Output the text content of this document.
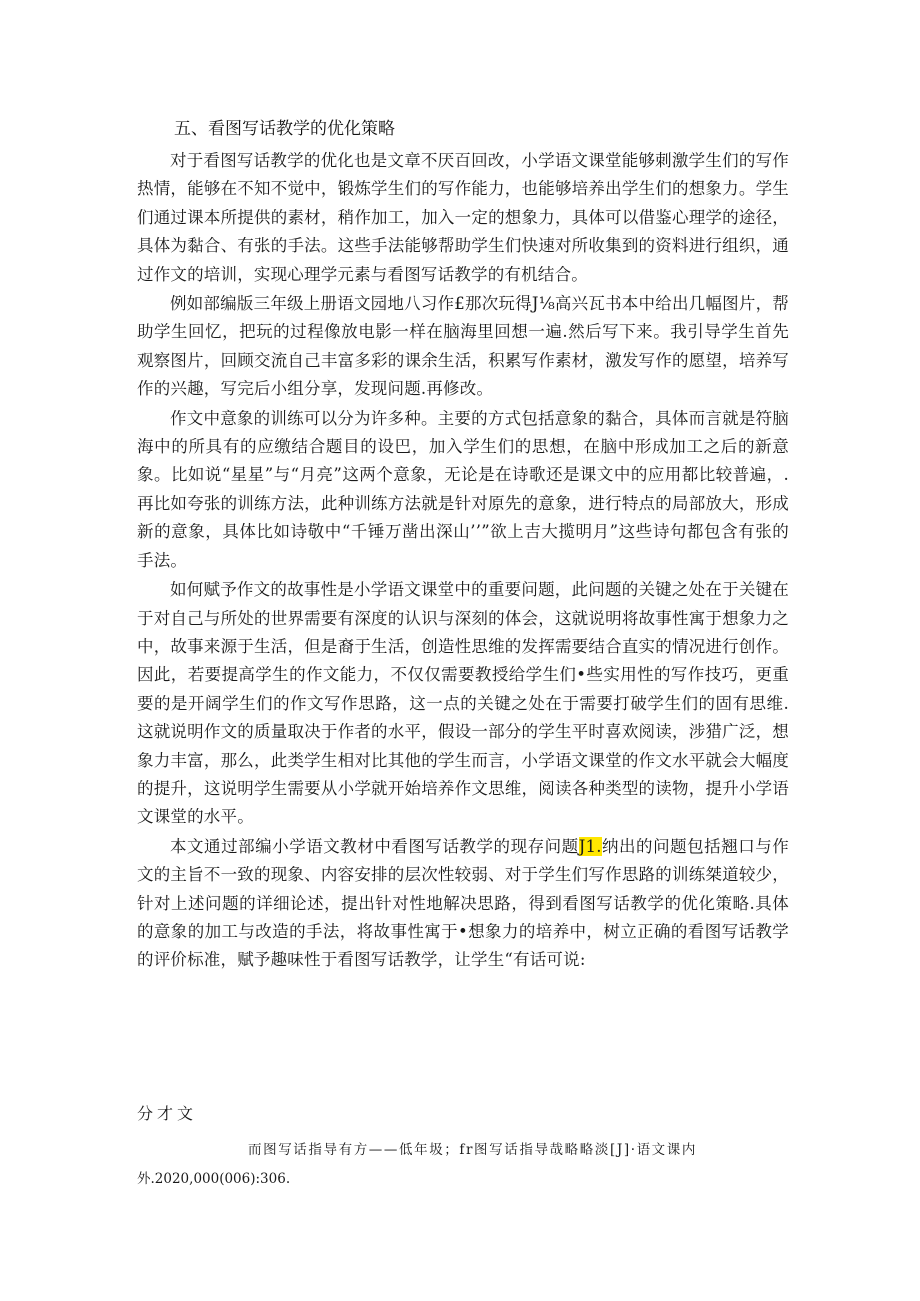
五、看图写话教学的优化策略

对于看图写话教学的优化也是文章不厌百回改，小学语文课堂能够刺激学生们的写作热情，能够在不知不觉中，锻炼学生们的写作能力，也能够培养出学生们的想象力。学生们通过课本所提供的素材，稍作加工，加入一定的想象力，具体可以借鉴心理学的途径，具体为黏合、有张的手法。这些手法能够帮助学生们快速对所收集到的资料进行组织，通过作文的培训，实现心理学元素与看图写话教学的有机结合。

例如部编版三年级上册语文园地八习作£那次玩得J⅛高兴瓦书本中给出几幅图片，帮助学生回忆，把玩的过程像放电影一样在脑海里回想一遍.然后写下来。我引导学生首先观察图片，回顾交流自己丰富多彩的课余生活，积累写作素材，激发写作的愿望，培养写作的兴趣，写完后小组分享，发现问题.再修改。

作文中意象的训练可以分为许多种。主要的方式包括意象的黏合，具体而言就是符脑海中的所具有的应缴结合题目的设巴，加入学生们的思想，在脑中形成加工之后的新意象。比如说“星星”与“月亮”这两个意象，无论是在诗歌还是课文中的应用都比较普遍，.再比如夸张的训练方法，此种训练方法就是针对原先的意象，进行特点的局部放大，形成新的意象，具体比如诗敬中“千锤万凿出深山’’”欲上吉大揽明月”这些诗句都包含有张的手法。

如何赋予作文的故事性是小学语文课堂中的重要问题，此问题的关键之处在于关键在于对自己与所处的世界需要有深度的认识与深刻的体会，这就说明将故事性寓于想象力之中，故事来源于生活，但是裔于生活，创造性思维的发挥需要结合直实的情况进行创作。因此，若要提高学生的作文能力，不仅仅需要教授给学生们•些实用性的写作技巧，更重要的是开阔学生们的作文写作思路，这一点的关键之处在于需要打破学生们的固有思维.这就说明作文的质量取决于作者的水平，假设一部分的学生平时喜欢阅读，涉猎广泛，想象力丰富，那么，此类学生相对比其他的学生而言，小学语文课堂的作文水平就会大幅度的提升，这说明学生需要从小学就开始培养作文思维，阅读各种类型的读物，提升小学语文课堂的水平。

本文通过部编小学语文教材中看图写话教学的现存问题J1.纳出的问题包括翘口与作文的主旨不一致的现象、内容安排的层次性较弱、对于学生们写作思路的训练桀道较少，针对上述问题的详细论述，提出针对性地解决思路，得到看图写话教学的优化策略.具体的意象的加工与改造的手法，将故事性寓于•想象力的培养中，树立正确的看图写话教学的评价标准，赋予趣味性于看图写话教学，让学生“有话可说:

分才文
而图写话指导有方——低年圾；fr图写话指导哉略略淡[J]·语文课内
外.2020,000(006):306.
